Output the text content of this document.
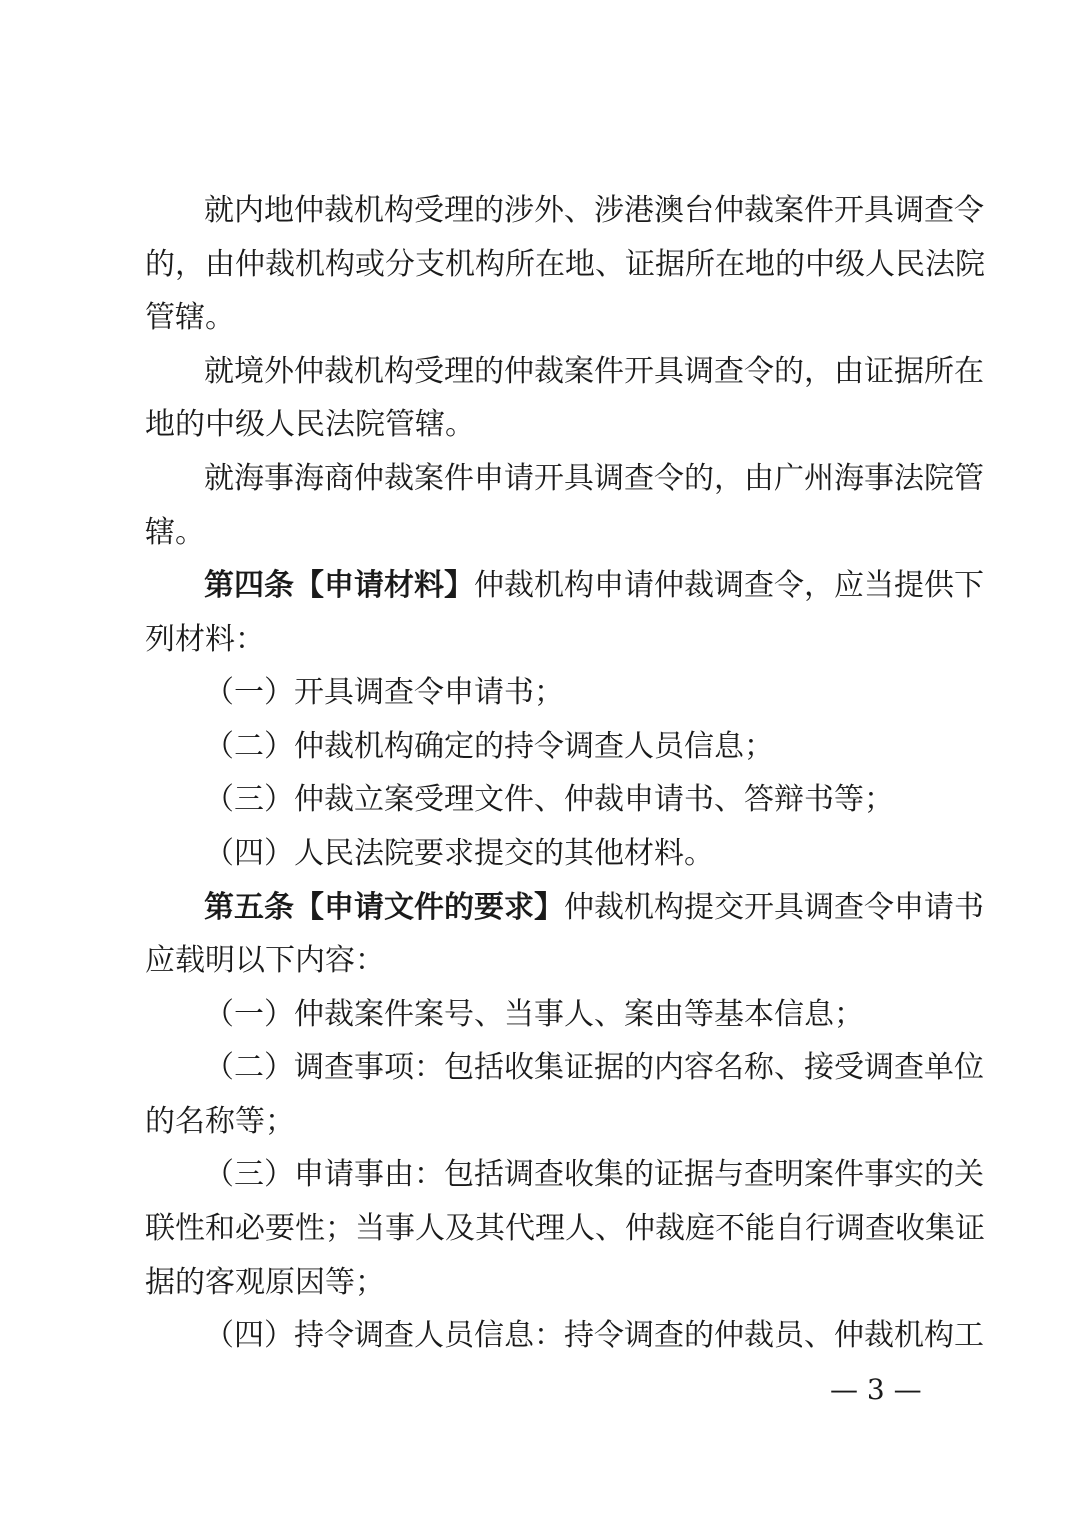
就内地仲裁机构受理的涉外、涉港澳台仲裁案件开具调查令
的，由仲裁机构或分支机构所在地、证据所在地的中级人民法院
管辖。
就境外仲裁机构受理的仲裁案件开具调查令的，由证据所在
地的中级人民法院管辖。
就海事海商仲裁案件申请开具调查令的，由广州海事法院管
辖。
第四条【申请材料】仲裁机构申请仲裁调查令，应当提供下
列材料：
（一）开具调查令申请书；
（二）仲裁机构确定的持令调查人员信息；
（三）仲裁立案受理文件、仲裁申请书、答辩书等；
（四）人民法院要求提交的其他材料。
第五条【申请文件的要求】仲裁机构提交开具调查令申请书
应载明以下内容：
（一）仲裁案件案号、当事人、案由等基本信息；
（二）调查事项：包括收集证据的内容名称、接受调查单位
的名称等；
（三）申请事由：包括调查收集的证据与查明案件事实的关
联性和必要性；当事人及其代理人、仲裁庭不能自行调查收集证
据的客观原因等；
（四）持令调查人员信息：持令调查的仲裁员、仲裁机构工
— 3 —
